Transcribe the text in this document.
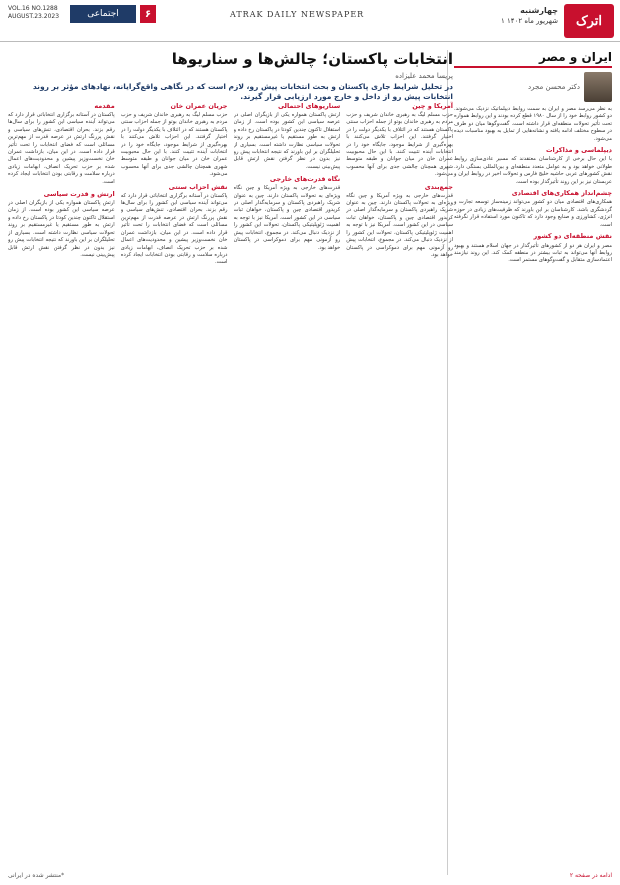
اترک
چهارشنبه
۱ شهریور ماه ۱۴۰۲
ATRAK DAILY NEWSPAPER
VOL.16 NO.1288
AUGUST.23.2023	اجتماعی	۶
ایران و مصر
دکتر محسن مجرد

به نظر می‌رسد مصر و ایران به سمت روابط دیپلماتیک نزدیک می‌شوند. دو کشور روابط خود را از سال ۱۹۸۰ قطع کرده بودند و این روابط همواره تحت تأثیر تحولات منطقه‌ای قرار داشته است. گفت‌وگوها میان دو طرف در سطوح مختلف ادامه یافته و نشانه‌هایی از تمایل به بهبود مناسبات دیده می‌شود.

دیپلماسی و مذاکرات

با این حال برخی از کارشناسان معتقدند که مسیر عادی‌سازی روابط طولانی خواهد بود و به عوامل متعدد منطقه‌ای و بین‌المللی بستگی دارد. نقش کشورهای عربی حاشیه خلیج فارس و تحولات اخیر در روابط ایران و عربستان نیز بر این روند تأثیرگذار بوده است.

چشم‌انداز همکاری‌های اقتصادی

همکاری‌های اقتصادی میان دو کشور می‌تواند زمینه‌ساز توسعه تجارت و گردشگری باشد. کارشناسان بر این باورند که ظرفیت‌های زیادی در حوزه انرژی، کشاورزی و صنایع وجود دارد که تاکنون مورد استفاده قرار نگرفته است.

نقش منطقه‌ای دو کشور

مصر و ایران هر دو از کشورهای تأثیرگذار در جهان اسلام هستند و بهبود روابط آنها می‌تواند به ثبات بیشتر در منطقه کمک کند. این روند نیازمند اعتمادسازی متقابل و گفت‌وگوهای مستمر است.

انتخابات پاکستان؛ چالش‌ها و سناریوها
پریسا محمد علیزاده
در تحلیل شرایط جاری پاکستان و بحث انتخابات پیش رو، لازم است که در نگاهی واقع‌گرایانه، نهادهای مؤثر بر روند انتخابات پیش رو از داخل و خارج مورد ارزیابی قرار گیرند.
مقدمه

پاکستان در آستانه برگزاری انتخاباتی قرار دارد که می‌تواند آینده سیاسی این کشور را برای سال‌ها رقم بزند. بحران اقتصادی، تنش‌های سیاسی و نقش پررنگ ارتش در عرصه قدرت از مهم‌ترین مسائلی است که فضای انتخابات را تحت تأثیر قرار داده است. در این میان، بازداشت عمران خان نخست‌وزیر پیشین و محدودیت‌های اعمال شده بر حزب تحریک انصاف، ابهامات زیادی درباره سلامت و رقابتی بودن انتخابات ایجاد کرده است.

ارتش و قدرت سیاسی

ارتش پاکستان همواره یکی از بازیگران اصلی در عرصه سیاسی این کشور بوده است. از زمان استقلال تاکنون چندین کودتا در پاکستان رخ داده و ارتش به طور مستقیم یا غیرمستقیم بر روند تحولات سیاسی نظارت داشته است. بسیاری از تحلیلگران بر این باورند که نتیجه انتخابات پیش رو نیز بدون در نظر گرفتن نقش ارتش قابل پیش‌بینی نیست.

جریان عمران خان

حزب مسلم لیگ به رهبری خاندان شریف و حزب مردم به رهبری خاندان بوتو از جمله احزاب سنتی پاکستان هستند که در ائتلاف با یکدیگر دولت را در اختیار گرفتند. این احزاب تلاش می‌کنند با بهره‌گیری از شرایط موجود، جایگاه خود را در انتخابات آینده تثبیت کنند. با این حال محبوبیت عمران خان در میان جوانان و طبقه متوسط شهری همچنان چالشی جدی برای آنها محسوب می‌شود.

نقش احزاب سنتی

پاکستان در آستانه برگزاری انتخاباتی قرار دارد که می‌تواند آینده سیاسی این کشور را برای سال‌ها رقم بزند. بحران اقتصادی، تنش‌های سیاسی و نقش پررنگ ارتش در عرصه قدرت از مهم‌ترین مسائلی است که فضای انتخابات را تحت تأثیر قرار داده است. در این میان، بازداشت عمران خان نخست‌وزیر پیشین و محدودیت‌های اعمال شده بر حزب تحریک انصاف، ابهامات زیادی درباره سلامت و رقابتی بودن انتخابات ایجاد کرده است.

سناریوهای احتمالی

ارتش پاکستان همواره یکی از بازیگران اصلی در عرصه سیاسی این کشور بوده است. از زمان استقلال تاکنون چندین کودتا در پاکستان رخ داده و ارتش به طور مستقیم یا غیرمستقیم بر روند تحولات سیاسی نظارت داشته است. بسیاری از تحلیلگران بر این باورند که نتیجه انتخابات پیش رو نیز بدون در نظر گرفتن نقش ارتش قابل پیش‌بینی نیست.

نگاه قدرت‌های خارجی

قدرت‌های خارجی به ویژه آمریکا و چین نگاه ویژه‌ای به تحولات پاکستان دارند. چین به عنوان شریک راهبردی پاکستان و سرمایه‌گذار اصلی در کریدور اقتصادی چین و پاکستان، خواهان ثبات سیاسی در این کشور است. آمریکا نیز با توجه به اهمیت ژئوپلیتیکی پاکستان، تحولات این کشور را از نزدیک دنبال می‌کند. در مجموع، انتخابات پیش رو آزمونی مهم برای دموکراسی در پاکستان خواهد بود.

آمریکا و چین

حزب مسلم لیگ به رهبری خاندان شریف و حزب مردم به رهبری خاندان بوتو از جمله احزاب سنتی پاکستان هستند که در ائتلاف با یکدیگر دولت را در اختیار گرفتند. این احزاب تلاش می‌کنند با بهره‌گیری از شرایط موجود، جایگاه خود را در انتخابات آینده تثبیت کنند. با این حال محبوبیت عمران خان در میان جوانان و طبقه متوسط شهری همچنان چالشی جدی برای آنها محسوب می‌شود.

جمع‌بندی

قدرت‌های خارجی به ویژه آمریکا و چین نگاه ویژه‌ای به تحولات پاکستان دارند. چین به عنوان شریک راهبردی پاکستان و سرمایه‌گذار اصلی در کریدور اقتصادی چین و پاکستان، خواهان ثبات سیاسی در این کشور است. آمریکا نیز با توجه به اهمیت ژئوپلیتیکی پاکستان، تحولات این کشور را از نزدیک دنبال می‌کند. در مجموع، انتخابات پیش رو آزمونی مهم برای دموکراسی در پاکستان خواهد بود.

ادامه در صفحه ۲
*منتشر شده در ایرانی
